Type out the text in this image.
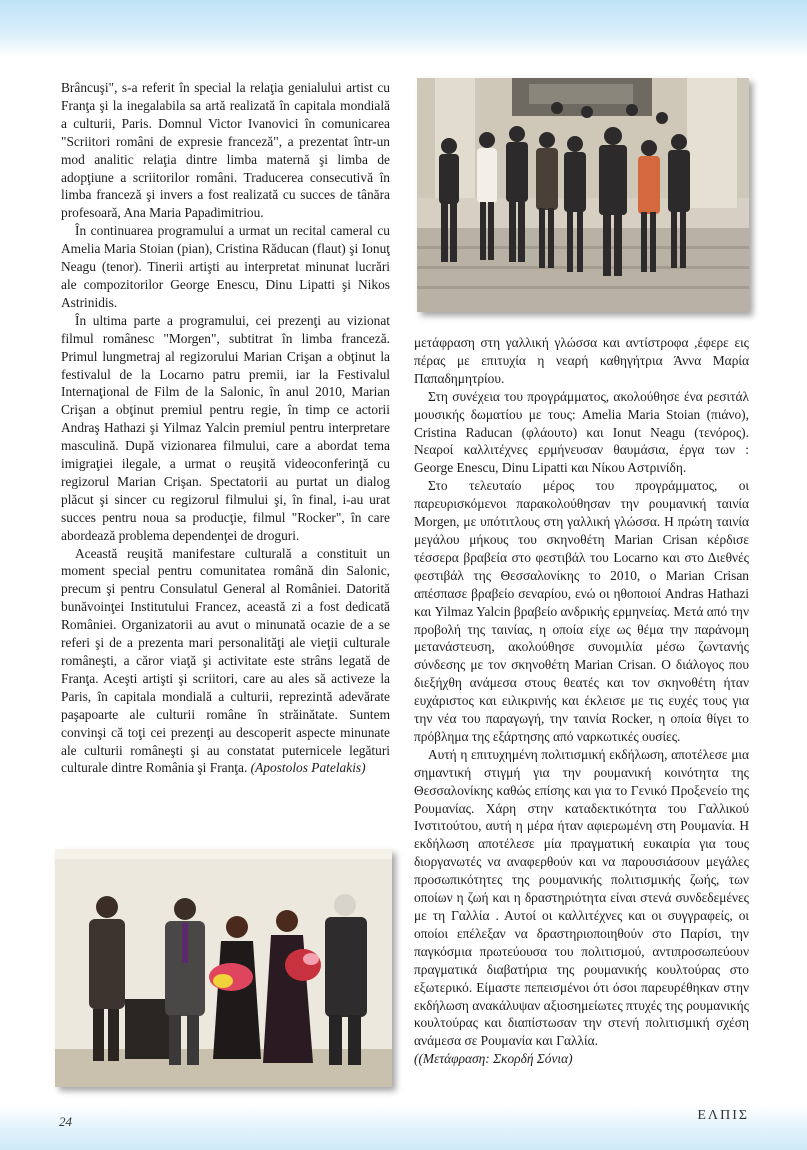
Brâncuşi", s-a referit în special la relaţia genialului artist cu Franţa şi la inegalabila sa artă realizată în capitala mondială a culturii, Paris. Domnul Victor Ivanovici în comunicarea "Scriitori români de expresie franceză", a prezentat într-un mod analitic relaţia dintre limba maternă şi limba de adopţiune a scriitorilor români. Traducerea consecutivă în limba franceză şi invers a fost realizată cu succes de tânăra profesoară, Ana Maria Papadimitriou.

În continuarea programului a urmat un recital cameral cu Amelia Maria Stoian (pian), Cristina Răducan (flaut) şi Ionuţ Neagu (tenor). Tinerii artişti au interpretat minunat lucrări ale compozitorilor George Enescu, Dinu Lipatti şi Nikos Astrinidis.

În ultima parte a programului, cei prezenţi au vizionat filmul românesc "Morgen", subtitrat în limba franceză. Primul lungmetraj al regizorului Marian Crişan a obţinut la festivalul de la Locarno patru premii, iar la Festivalul Internaţional de Film de la Salonic, în anul 2010, Marian Crişan a obţinut premiul pentru regie, în timp ce actorii Andraş Hathazi şi Yilmaz Yalcin premiul pentru interpretare masculină. După vizionarea filmului, care a abordat tema imigraţiei ilegale, a urmat o reuşită videoconferinţă cu regizorul Marian Crişan. Spectatorii au purtat un dialog plăcut şi sincer cu regizorul filmului şi, în final, i-au urat succes pentru noua sa producţie, filmul "Rocker", în care abordează problema dependenţei de droguri.

Această reuşită manifestare culturală a constituit un moment special pentru comunitatea română din Salonic, precum şi pentru Consulatul General al României. Datorită bunăvoinţei Institutului Francez, această zi a fost dedicată României. Organizatorii au avut o minunată ocazie de a se referi şi de a prezenta mari personalităţi ale vieţii culturale româneşti, a căror viaţă şi activitate este strâns legată de Franţa. Aceşti artişti şi scriitori, care au ales să activeze la Paris, în capitala mondială a culturii, reprezintă adevărate paşapoarte ale culturii române în străinătate. Suntem convinşi că toţi cei prezenţi au descoperit aspecte minunate ale culturii româneşti şi au constatat puternicele legături culturale dintre România şi Franţa. (Apostolos Patelakis)

μετάφραση στη γαλλική γλώσσα και αντίστροφα ,έφερε εις πέρας με επιτυχία η νεαρή καθηγήτρια Άννα Μαρία Παπαδημητρίου.

Στη συνέχεια του προγράμματος, ακολούθησε ένα ρεσιτάλ μουσικής δωματίου με τους: Amelia Maria Stoian (πιάνο), Cristina Raducan (φλάουτο) και Ionut Neagu (τενόρος). Νεαροί καλλιτέχνες ερμήνευσαν θαυμάσια, έργα των : George Enescu, Dinu Lipatti και Νίκου Αστρινίδη.

Στο τελευταίο μέρος του προγράμματος, οι παρευρισκόμενοι παρακολούθησαν την ρουμανική ταινία Morgen, με υπότιτλους στη γαλλική γλώσσα. Η πρώτη ταινία μεγάλου μήκους του σκηνοθέτη Marian Crisan κέρδισε τέσσερα βραβεία στο φεστιβάλ του Locarno και στο Διεθνές φεστιβάλ της Θεσσαλονίκης το 2010, ο Marian Crisan απέσπασε βραβείο σεναρίου, ενώ οι ηθοποιοί Andras Hathazi και Yilmaz Yalcin βραβείο ανδρικής ερμηνείας. Μετά από την προβολή της ταινίας, η οποία είχε ως θέμα την παράνομη μετανάστευση, ακολούθησε συνομιλία μέσω ζωντανής σύνδεσης με τον σκηνοθέτη Marian Crisan. Ο διάλογος που διεξήχθη ανάμεσα στους θεατές και τον σκηνοθέτη ήταν ευχάριστος και ειλικρινής και έκλεισε με τις ευχές τους για την νέα του παραγωγή, την ταινία Rocker, η οποία θίγει το πρόβλημα της εξάρτησης από ναρκωτικές ουσίες.

Αυτή η επιτυχημένη πολιτισμική εκδήλωση, αποτέλεσε μια σημαντική στιγμή για την ρουμανική κοινότητα της Θεσσαλονίκης καθώς επίσης και για το Γενικό Προξενείο της Ρουμανίας. Χάρη στην καταδεκτικότητα του Γαλλικού Ινστιτούτου, αυτή η μέρα ήταν αφιερωμένη στη Ρουμανία. Η εκδήλωση αποτέλεσε μία πραγματική ευκαιρία για τους διοργανωτές να αναφερθούν και να παρουσιάσουν μεγάλες προσωπικότητες της ρουμανικής πολιτισμικής ζωής, των οποίων η ζωή και η δραστηριότητα είναι στενά συνδεδεμένες με τη Γαλλία . Αυτοί οι καλλιτέχνες και οι συγγραφείς, οι οποίοι επέλεξαν να δραστηριοποιηθούν στο Παρίσι, την παγκόσμια πρωτεύουσα του πολιτισμού, αντιπροσωπεύουν πραγματικά διαβατήρια της ρουμανικής κουλτούρας στο εξωτερικό. Είμαστε πεπεισμένοι ότι όσοι παρευρέθηκαν στην εκδήλωση ανακάλυψαν αξιοσημείωτες πτυχές της ρουμανικής κουλτούρας και διαπίστωσαν την στενή πολιτισμική σχέση ανάμεσα σε Ρουμανία και Γαλλία.

((Μετάφραση: Σκορδή Σόνια)

24	ΕΛΠΙΣ
